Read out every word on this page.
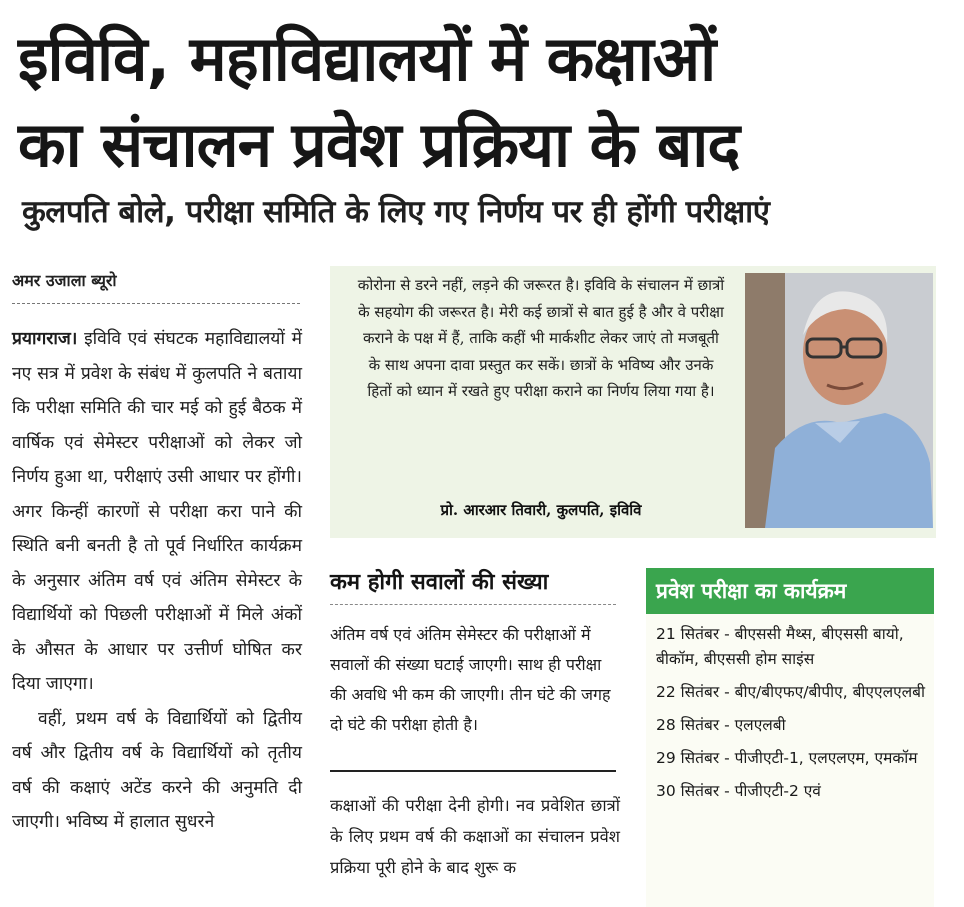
इविवि, महाविद्यालयों में कक्षाओं
का संचालन प्रवेश प्रक्रिया के बाद
कुलपति बोले, परीक्षा समिति के लिए गए निर्णय पर ही होंगी परीक्षाएं
अमर उजाला ब्यूरो

प्रयागराज। इविवि एवं संघटक महाविद्यालयों में नए सत्र में प्रवेश के संबंध में कुलपति ने बताया कि परीक्षा समिति की चार मई को हुई बैठक में वार्षिक एवं सेमेस्टर परीक्षाओं को लेकर जो निर्णय हुआ था, परीक्षाएं उसी आधार पर होंगी। अगर किन्हीं कारणों से परीक्षा करा पाने की स्थिति बनी बनती है तो पूर्व निर्धारित कार्यक्रम के अनुसार अंतिम वर्ष एवं अंतिम सेमेस्टर के विद्यार्थियों को पिछली परीक्षाओं में मिले अंकों के औसत के आधार पर उत्तीर्ण घोषित कर दिया जाएगा।

वहीं, प्रथम वर्ष के विद्यार्थियों को द्वितीय वर्ष और द्वितीय वर्ष के विद्यार्थियों को तृतीय वर्ष की कक्षाएं अटेंड करने की अनुमति दी जाएगी। भविष्य में हालात सुधरने

कोरोना से डरने नहीं, लड़ने की जरूरत है। इविवि के संचालन में छात्रों के सहयोग की जरूरत है। मेरी कई छात्रों से बात हुई है और वे परीक्षा कराने के पक्ष में हैं, ताकि कहीं भी मार्कशीट लेकर जाएं तो मजबूती के साथ अपना दावा प्रस्तुत कर सकें। छात्रों के भविष्य और उनके हितों को ध्यान में रखते हुए परीक्षा कराने का निर्णय लिया गया है।
प्रो. आरआर तिवारी, कुलपति, इविवि
कम होगी सवालों की संख्या
अंतिम वर्ष एवं अंतिम सेमेस्टर की परीक्षाओं में सवालों की संख्या घटाई जाएगी। साथ ही परीक्षा की अवधि भी कम की जाएगी। तीन घंटे की जगह दो घंटे की परीक्षा होती है।
कक्षाओं की परीक्षा देनी होगी। नव प्रवेशित छात्रों के लिए प्रथम वर्ष की कक्षाओं का संचालन प्रवेश प्रक्रिया पूरी होने के बाद शुरू क
प्रवेश परीक्षा का कार्यक्रम
21 सितंबर - बीएससी मैथ्स, बीएससी बायो, बीकॉम, बीएससी होम साइंस
22 सितंबर - बीए/बीएफए/बीपीए, बीएएलएलबी
28 सितंबर - एलएलबी
29 सितंबर - पीजीएटी-1, एलएलएम, एमकॉम
30 सितंबर - पीजीएटी-2 एवं
